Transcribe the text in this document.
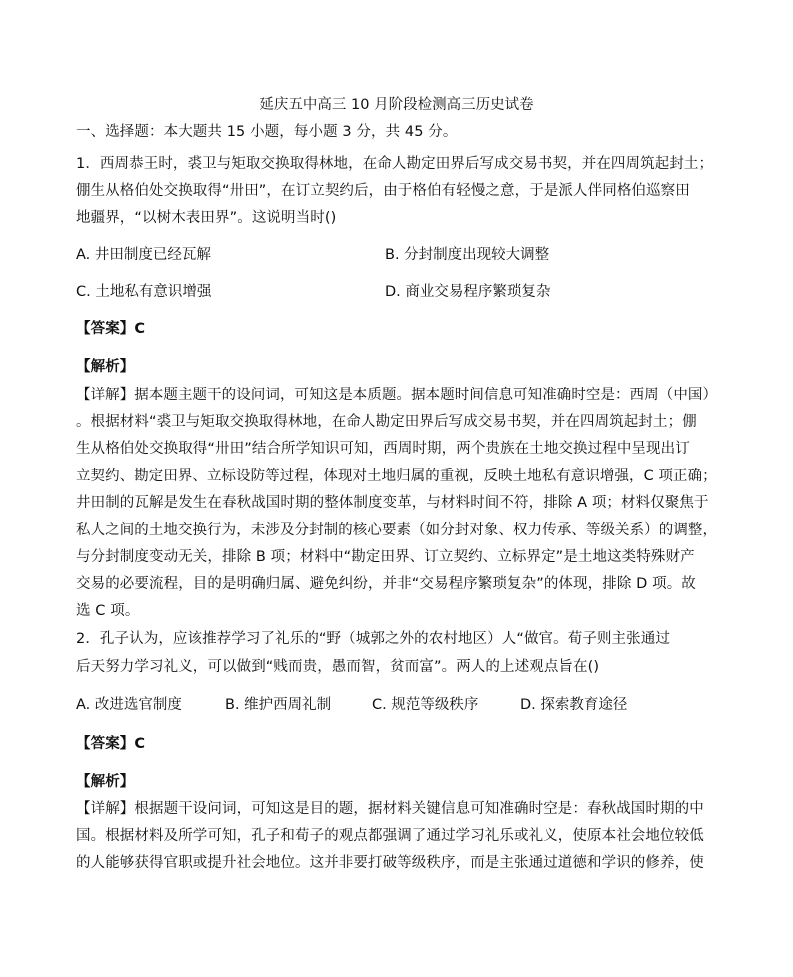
延庆五中高三 10 月阶段检测高三历史试卷
一、选择题：本大题共 15 小题，每小题 3 分，共 45 分。
1．西周恭王时，裘卫与矩取交换取得林地，在命人勘定田界后写成交易书契，并在四周筑起封土；
倗生从格伯处交换取得“卅田”，在订立契约后，由于格伯有轻慢之意，于是派人伴同格伯巡察田
地疆界，“以树木表田界”。这说明当时()
A. 井田制度已经瓦解	B. 分封制度出现较大调整
C. 土地私有意识增强	D. 商业交易程序繁琐复杂
【答案】C
【解析】
【详解】据本题主题干的设问词，可知这是本质题。据本题时间信息可知准确时空是：西周（中国）
。根据材料“裘卫与矩取交换取得林地，在命人勘定田界后写成交易书契，并在四周筑起封土；倗
生从格伯处交换取得“卅田”结合所学知识可知，西周时期，两个贵族在土地交换过程中呈现出订
立契约、勘定田界、立标设防等过程，体现对土地归属的重视，反映土地私有意识增强，C 项正确；
井田制的瓦解是发生在春秋战国时期的整体制度变革，与材料时间不符，排除 A 项；材料仅聚焦于
私人之间的土地交换行为，未涉及分封制的核心要素（如分封对象、权力传承、等级关系）的调整，
与分封制度变动无关，排除 B 项；材料中“勘定田界、订立契约、立标界定”是土地这类特殊财产
交易的必要流程，目的是明确归属、避免纠纷，并非“交易程序繁琐复杂”的体现，排除 D 项。故
选 C 项。
2．孔子认为，应该推荐学习了礼乐的“野（城郭之外的农村地区）人“做官。荀子则主张通过
后天努力学习礼义，可以做到“贱而贵，愚而智，贫而富”。两人的上述观点旨在()
A. 改进选官制度	B. 维护西周礼制	C. 规范等级秩序	D. 探索教育途径
【答案】C
【解析】
【详解】根据题干设问词，可知这是目的题，据材料关键信息可知准确时空是：春秋战国时期的中
国。根据材料及所学可知，孔子和荀子的观点都强调了通过学习礼乐或礼义，使原本社会地位较低
的人能够获得官职或提升社会地位。这并非要打破等级秩序，而是主张通过道德和学识的修养，使
